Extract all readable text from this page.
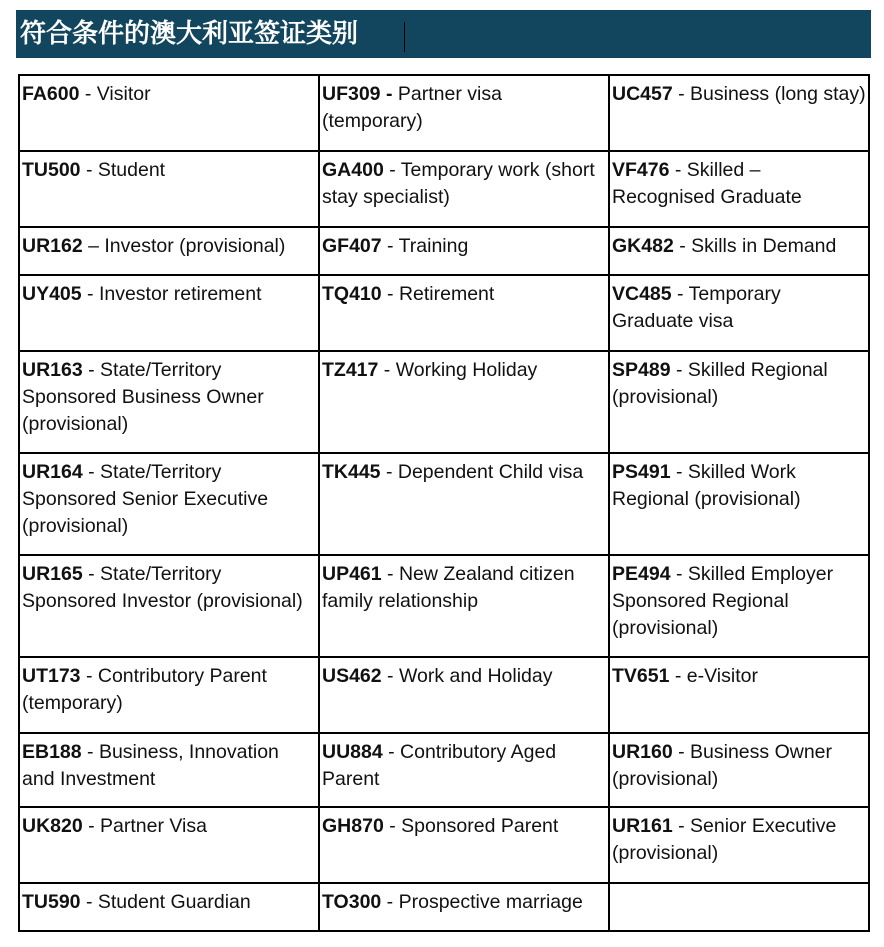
符合条件的澳大利亚签证类别
FA600 - Visitor	UF309 - Partner visa (temporary)	UC457 - Business (long stay)
TU500 - Student	GA400 - Temporary work (short stay specialist)	VF476 - Skilled – Recognised Graduate
UR162 – Investor (provisional)	GF407 - Training	GK482 - Skills in Demand
UY405 - Investor retirement	TQ410 - Retirement	VC485 - Temporary Graduate visa
UR163 - State/Territory Sponsored Business Owner (provisional)	TZ417 - Working Holiday	SP489 - Skilled Regional (provisional)
UR164 - State/Territory Sponsored Senior Executive (provisional)	TK445 - Dependent Child visa	PS491 - Skilled Work Regional (provisional)
UR165 - State/Territory Sponsored Investor (provisional)	UP461 - New Zealand citizen family relationship	PE494 - Skilled Employer Sponsored Regional (provisional)
UT173 - Contributory Parent (temporary)	US462 - Work and Holiday	TV651 - e-Visitor
EB188 - Business, Innovation and Investment	UU884 - Contributory Aged Parent	UR160 - Business Owner (provisional)
UK820 - Partner Visa	GH870 - Sponsored Parent	UR161 - Senior Executive (provisional)
TU590 - Student Guardian	TO300 - Prospective marriage	
